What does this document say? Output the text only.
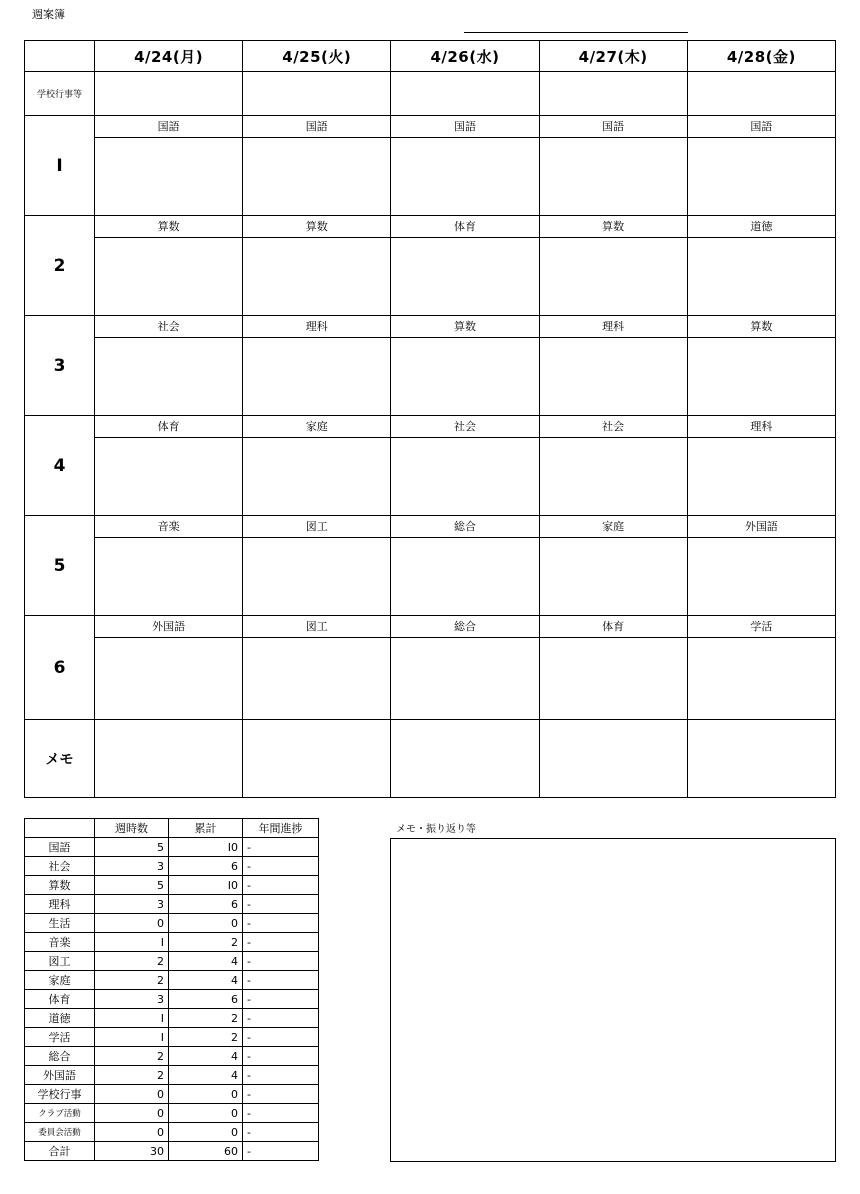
週案簿
	4/24(月)	4/25(火)	4/26(水)	4/27(木)	4/28(金)
学校行事等					
I	国語	国語	国語	国語	国語

2	算数	算数	体育	算数	道徳

3	社会	理科	算数	理科	算数

4	体育	家庭	社会	社会	理科

5	音楽	図工	総合	家庭	外国語

6	外国語	図工	総合	体育	学活

メモ					
	週時数	累計	年間進捗
国語	5	I0	-
社会	3	6	-
算数	5	I0	-
理科	3	6	-
生活	0	0	-
音楽	I	2	-
図工	2	4	-
家庭	2	4	-
体育	3	6	-
道徳	I	2	-
学活	I	2	-
総合	2	4	-
外国語	2	4	-
学校行事	0	0	-
クラブ活動	0	0	-
委員会活動	0	0	-
合計	30	60	-
メモ・振り返り等
